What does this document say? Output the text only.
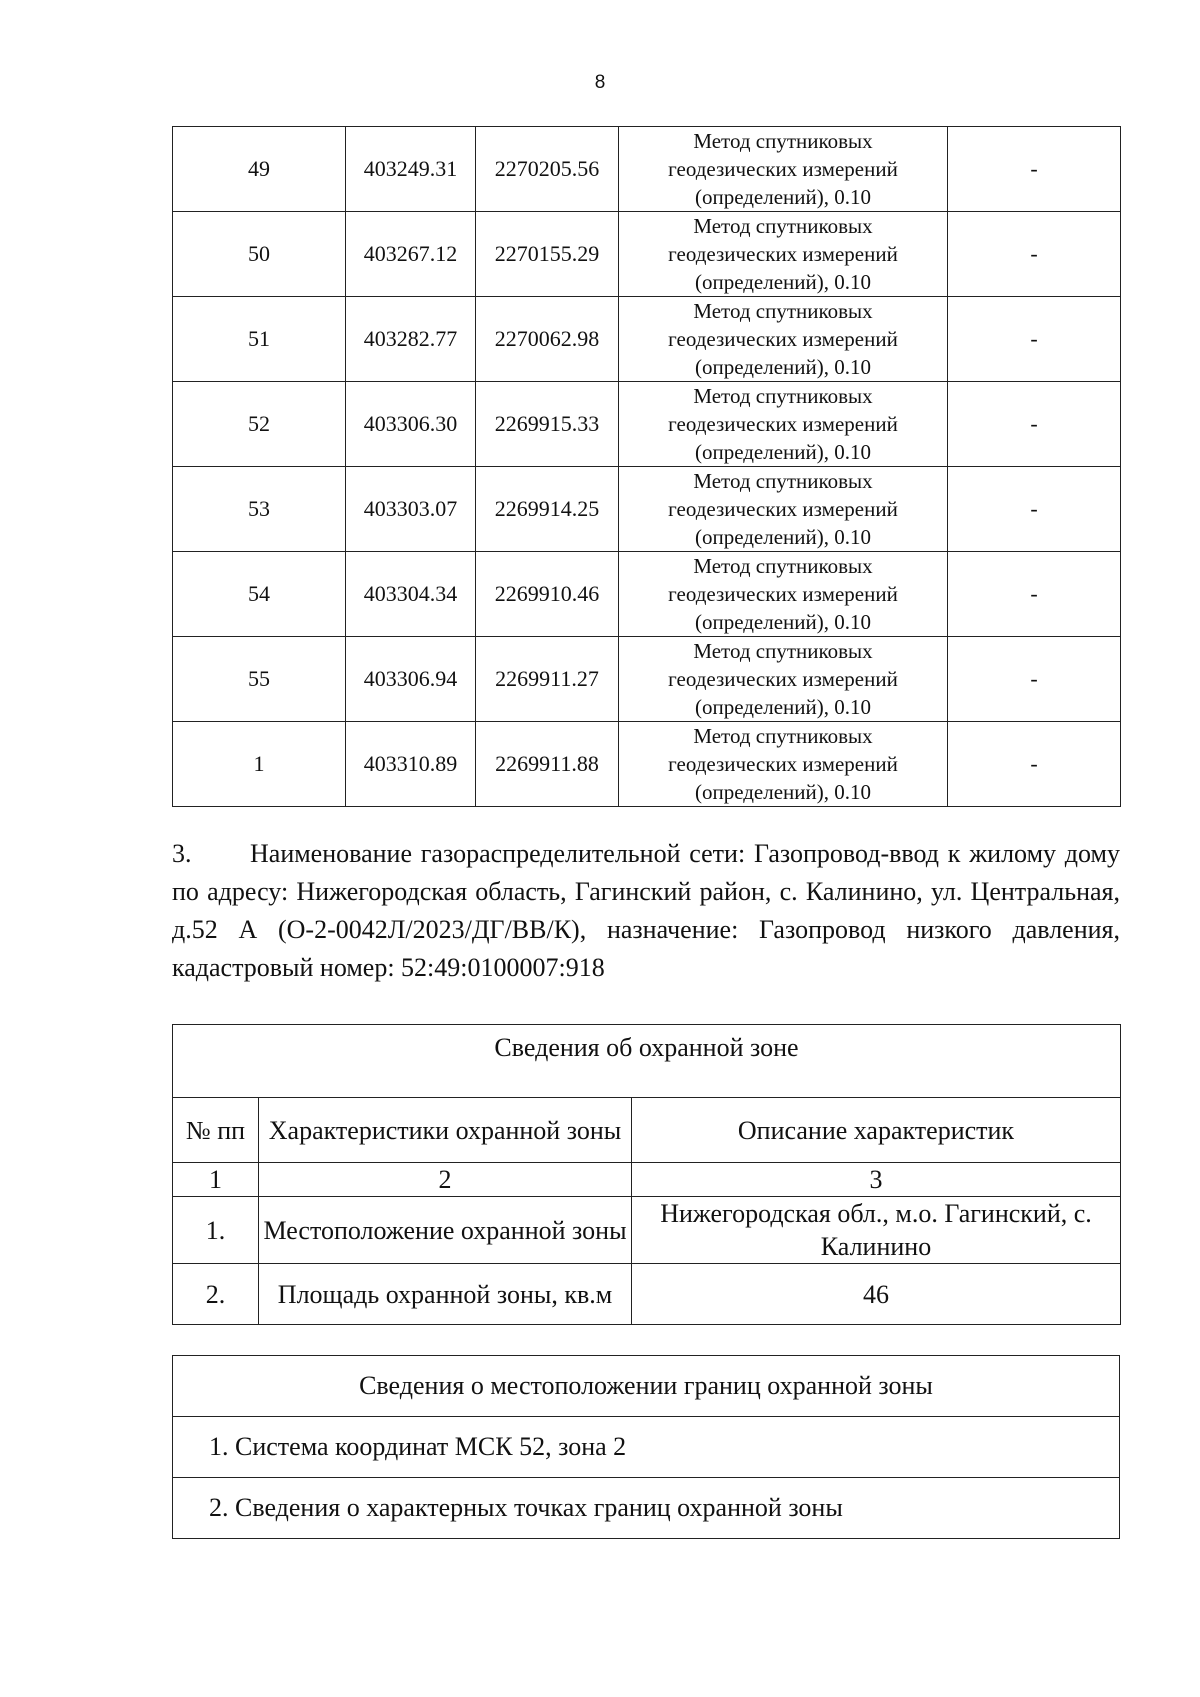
8
49	403249.31	2270205.56	Метод спутниковых
геодезических измерений
(определений), 0.10	-
50	403267.12	2270155.29	Метод спутниковых
геодезических измерений
(определений), 0.10	-
51	403282.77	2270062.98	Метод спутниковых
геодезических измерений
(определений), 0.10	-
52	403306.30	2269915.33	Метод спутниковых
геодезических измерений
(определений), 0.10	-
53	403303.07	2269914.25	Метод спутниковых
геодезических измерений
(определений), 0.10	-
54	403304.34	2269910.46	Метод спутниковых
геодезических измерений
(определений), 0.10	-
55	403306.94	2269911.27	Метод спутниковых
геодезических измерений
(определений), 0.10	-
1	403310.89	2269911.88	Метод спутниковых
геодезических измерений
(определений), 0.10	-
3. Наименование газораспределительной сети: Газопровод-ввод к жилому дому по адресу: Нижегородская область, Гагинский район, с. Калинино, ул. Центральная, д.52 А (О-2-0042Л/2023/ДГ/ВВ/К), назначение: Газопровод низкого давления, кадастровый номер: 52:49:0100007:918
Сведения об охранной зоне		
№ пп	Характеристики охранной зоны	Описание характеристик
1	2	3
1.	Местоположение охранной зоны	Нижегородская обл., м.о. Гагинский, с. Калинино
2.	Площадь охранной зоны, кв.м	46
Сведения о местоположении границ охранной зоны
1. Система координат МСК 52, зона 2
2. Сведения о характерных точках границ охранной зоны
